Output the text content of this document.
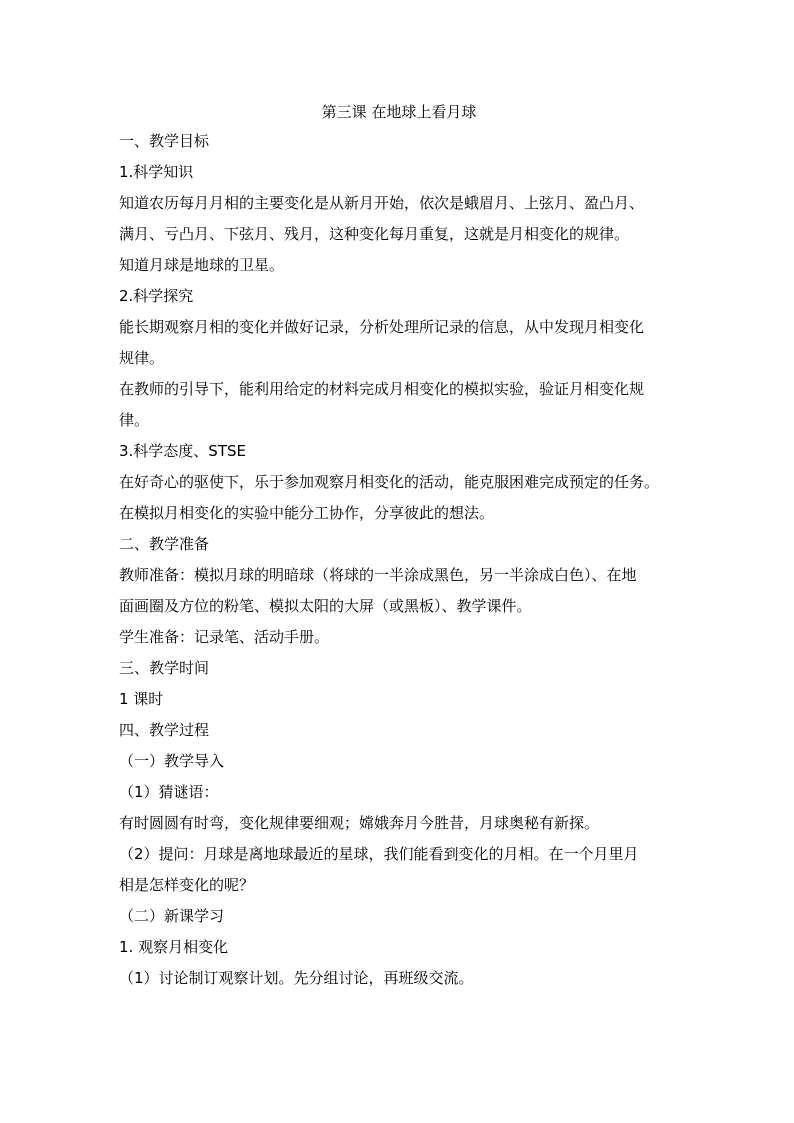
第三课 在地球上看月球
一、教学目标
1.科学知识
知道农历每月月相的主要变化是从新月开始，依次是蛾眉月、上弦月、盈凸月、
满月、亏凸月、下弦月、残月，这种变化每月重复，这就是月相变化的规律。
知道月球是地球的卫星。
2.科学探究
能长期观察月相的变化并做好记录，分析处理所记录的信息，从中发现月相变化
规律。
在教师的引导下，能利用给定的材料完成月相变化的模拟实验，验证月相变化规
律。
3.科学态度、STSE
在好奇心的驱使下，乐于参加观察月相变化的活动，能克服困难完成预定的任务。
在模拟月相变化的实验中能分工协作，分享彼此的想法。
二、教学准备
教师准备：模拟月球的明暗球（将球的一半涂成黑色，另一半涂成白色）、在地
面画圈及方位的粉笔、模拟太阳的大屏（或黑板）、教学课件。
学生准备：记录笔、活动手册。
三、教学时间
1 课时
四、教学过程
（一）教学导入
（1）猜谜语：
有时圆圆有时弯，变化规律要细观；嫦娥奔月今胜昔，月球奥秘有新探。
（2）提问：月球是离地球最近的星球，我们能看到变化的月相。在一个月里月
相是怎样变化的呢？
（二）新课学习
1. 观察月相变化
（1）讨论制订观察计划。先分组讨论，再班级交流。
